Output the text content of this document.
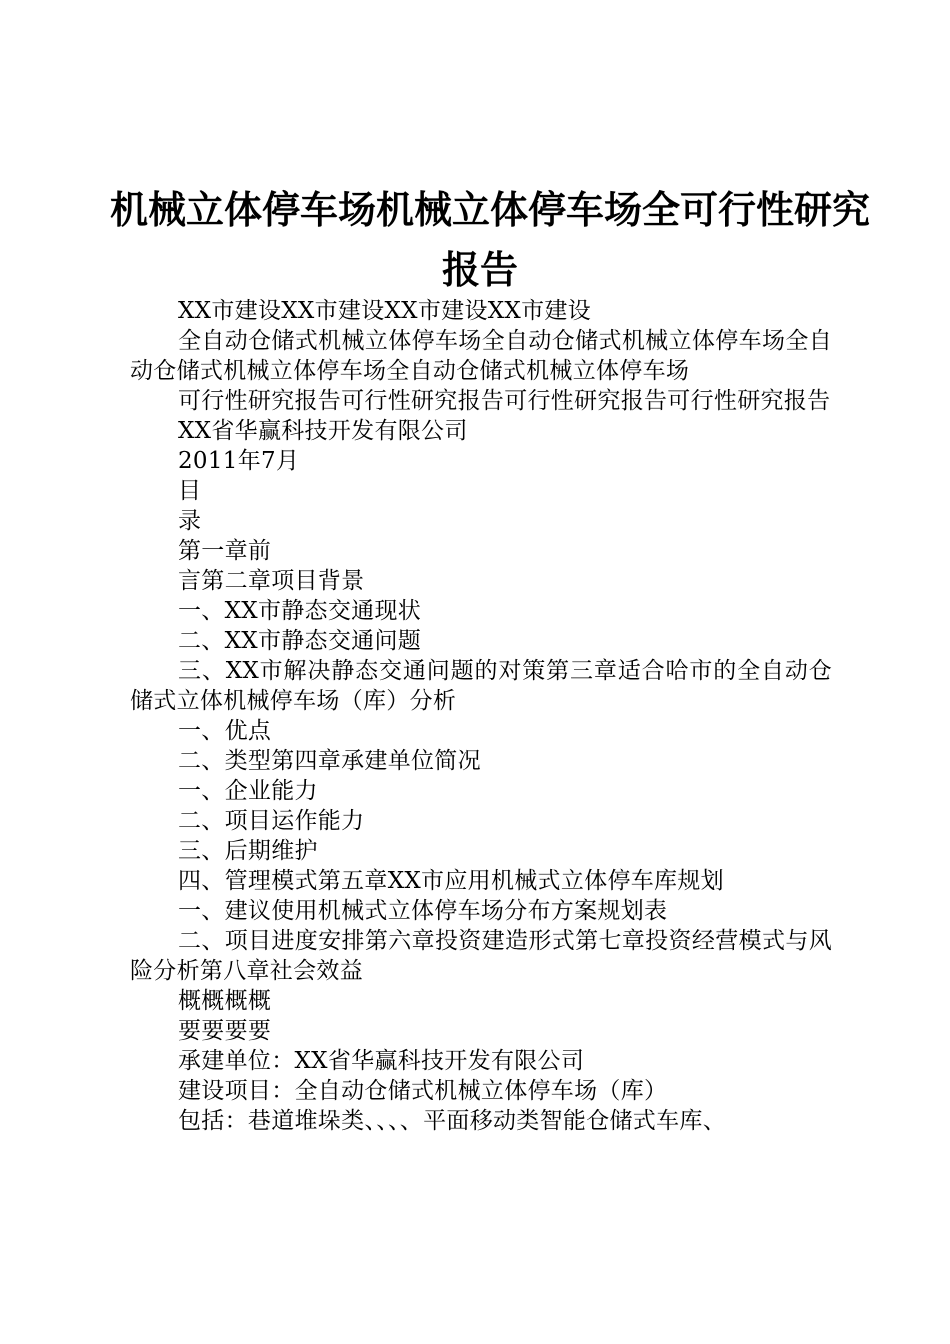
机械立体停车场机械立体停车场全可行性研究
报告

XX市建设XX市建设XX市建设XX市建设

全自动仓储式机械立体停车场全自动仓储式机械立体停车场全自动仓储式机械立体停车场全自动仓储式机械立体停车场

可行性研究报告可行性研究报告可行性研究报告可行性研究报告

XX省华赢科技开发有限公司

2011年7月

目

录

第一章前

言第二章项目背景

一、XX市静态交通现状

二、XX市静态交通问题

三、XX市解决静态交通问题的对策第三章适合哈市的全自动仓储式立体机械停车场（库）分析

一、优点

二、类型第四章承建单位简况

一、企业能力

二、项目运作能力

三、后期维护

四、管理模式第五章XX市应用机械式立体停车库规划

一、建议使用机械式立体停车场分布方案规划表

二、项目进度安排第六章投资建造形式第七章投资经营模式与风险分析第八章社会效益

概概概概

要要要要

承建单位：XX省华赢科技开发有限公司

建设项目：全自动仓储式机械立体停车场（库）

包括：巷道堆垛类、、、、平面移动类智能仓储式车库、
